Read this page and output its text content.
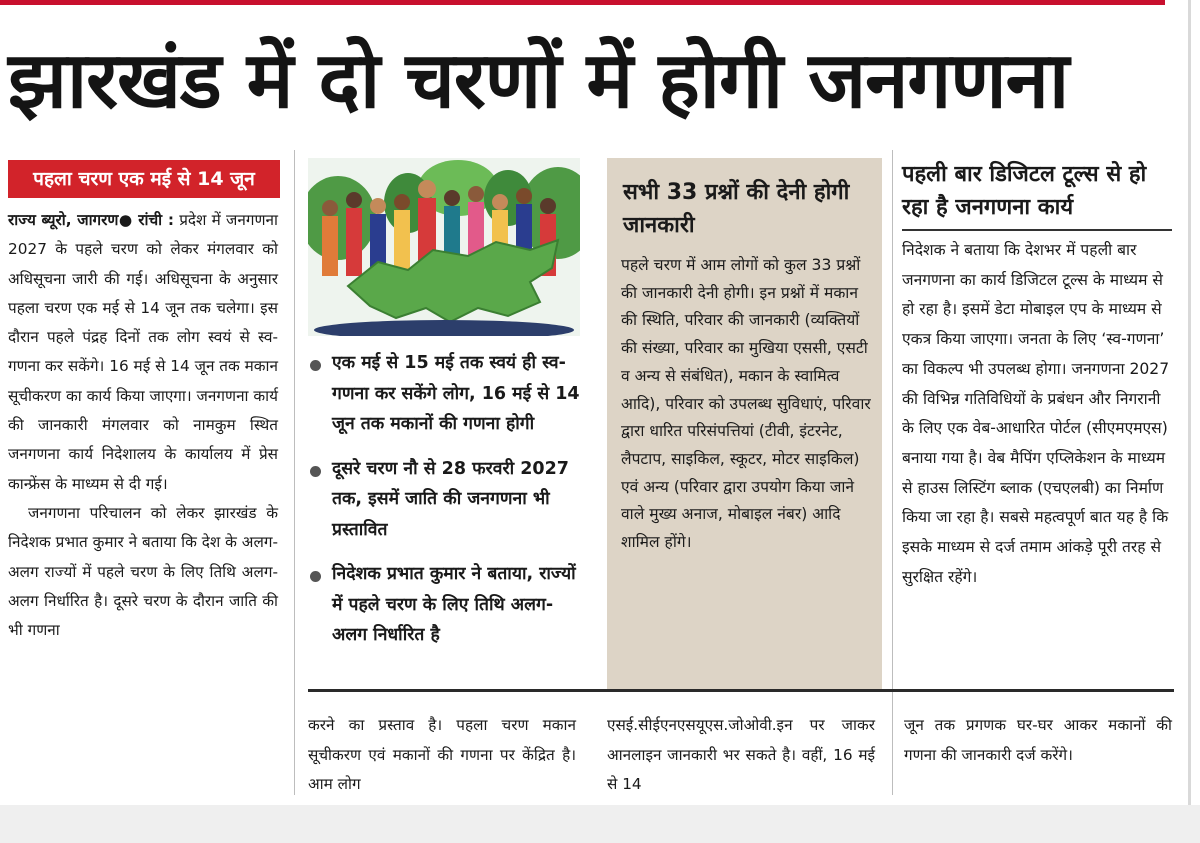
झारखंड में दो चरणों में होगी जनगणना
पहला चरण एक मई से 14 जून

राज्य ब्यूरो, जागरण● रांची : प्रदेश में जनगणना 2027 के पहले चरण को लेकर मंगलवार को अधिसूचना जारी की गई। अधिसूचना के अनुसार पहला चरण एक मई से 14 जून तक चलेगा। इस दौरान पहले पंद्रह दिनों तक लोग स्वयं से स्व-गणना कर सकेंगे। 16 मई से 14 जून तक मकान सूचीकरण का कार्य किया जाएगा। जनगणना कार्य की जानकारी मंगलवार को नामकुम स्थित जनगणना कार्य निदेशालय के कार्यालय में प्रेस कान्फ्रेंस के माध्यम से दी गई।

जनगणना परिचालन को लेकर झारखंड के निदेशक प्रभात कुमार ने बताया कि देश के अलग-अलग राज्यों में पहले चरण के लिए तिथि अलग-अलग निर्धारित है। दूसरे चरण के दौरान जाति की भी गणना

एक मई से 15 मई तक स्वयं ही स्व-गणना कर सकेंगे लोग, 16 मई से 14 जून तक मकानों की गणना होगी
दूसरे चरण नौ से 28 फरवरी 2027 तक, इसमें जाति की जनगणना भी प्रस्तावित
निदेशक प्रभात कुमार ने बताया, राज्यों में पहले चरण के लिए तिथि अलग-अलग निर्धारित है
सभी 33 प्रश्नों की देनी होगी जानकारी
पहले चरण में आम लोगों को कुल 33 प्रश्नों की जानकारी देनी होगी। इन प्रश्नों में मकान की स्थिति, परिवार की जानकारी (व्यक्तियों की संख्या, परिवार का मुखिया एससी, एसटी व अन्य से संबंधित), मकान के स्वामित्व आदि), परिवार को उपलब्ध सुविधाएं, परिवार द्वारा धारित परिसंपत्तियां (टीवी, इंटरनेट, लैपटाप, साइकिल, स्कूटर, मोटर साइकिल) एवं अन्य (परिवार द्वारा उपयोग किया जाने वाले मुख्य अनाज, मोबाइल नंबर) आदि शामिल होंगे।
पहली बार डिजिटल टूल्स से हो रहा है जनगणना कार्य
निदेशक ने बताया कि देशभर में पहली बार जनगणना का कार्य डिजिटल टूल्स के माध्यम से हो रहा है। इसमें डेटा मोबाइल एप के माध्यम से एकत्र किया जाएगा। जनता के लिए ‘स्व-गणना’ का विकल्प भी उपलब्ध होगा। जनगणना 2027 की विभिन्न गतिविधियों के प्रबंधन और निगरानी के लिए एक वेब-आधारित पोर्टल (सीएमएमएस) बनाया गया है। वेब मैपिंग एप्लिकेशन के माध्यम से हाउस लिस्टिंग ब्लाक (एचएलबी) का निर्माण किया जा रहा है। सबसे महत्वपूर्ण बात यह है कि इसके माध्यम से दर्ज तमाम आंकड़े पूरी तरह से सुरक्षित रहेंगे।
करने का प्रस्ताव है। पहला चरण मकान सूचीकरण एवं मकानों की गणना पर केंद्रित है। आम लोग
एसई.सीईएनएसयूएस.जोओवी.इन पर जाकर आनलाइन जानकारी भर सकते है। वहीं, 16 मई से 14
जून तक प्रगणक घर-घर आकर मकानों की गणना की जानकारी दर्ज करेंगे।
